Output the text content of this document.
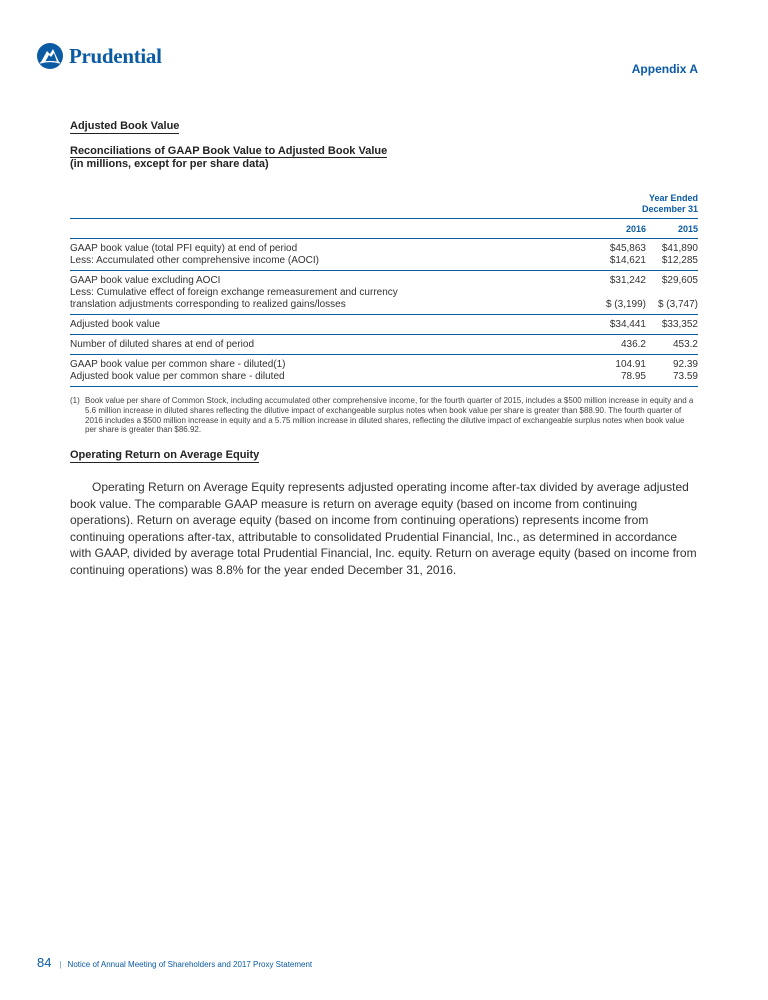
Prudential
Appendix A
Adjusted Book Value
Reconciliations of GAAP Book Value to Adjusted Book Value
(in millions, except for per share data)
Year Ended
December 31
2016	2015
GAAP book value (total PFI equity) at end of period	$45,863	$41,890
Less: Accumulated other comprehensive income (AOCI)	$14,621	$12,285
GAAP book value excluding AOCI	$31,242	$29,605
Less: Cumulative effect of foreign exchange remeasurement and currency
translation adjustments corresponding to realized gains/losses	$ (3,199)	$ (3,747)
Adjusted book value	$34,441	$33,352
Number of diluted shares at end of period	436.2	453.2
GAAP book value per common share - diluted(1)	104.91	92.39
Adjusted book value per common share - diluted	78.95	73.59
(1) Book value per share of Common Stock, including accumulated other comprehensive income, for the fourth quarter of 2015, includes a $500 million increase in equity and a 5.6 million increase in diluted shares reflecting the dilutive impact of exchangeable surplus notes when book value per share is greater than $88.90. The fourth quarter of 2016 includes a $500 million increase in equity and a 5.75 million increase in diluted shares, reflecting the dilutive impact of exchangeable surplus notes when book value per share is greater than $86.92.
Operating Return on Average Equity
Operating Return on Average Equity represents adjusted operating income after-tax divided by average adjusted book value. The comparable GAAP measure is return on average equity (based on income from continuing operations). Return on average equity (based on income from continuing operations) represents income from continuing operations after-tax, attributable to consolidated Prudential Financial, Inc., as determined in accordance with GAAP, divided by average total Prudential Financial, Inc. equity. Return on average equity (based on income from continuing operations) was 8.8% for the year ended December 31, 2016.
84 | Notice of Annual Meeting of Shareholders and 2017 Proxy Statement
